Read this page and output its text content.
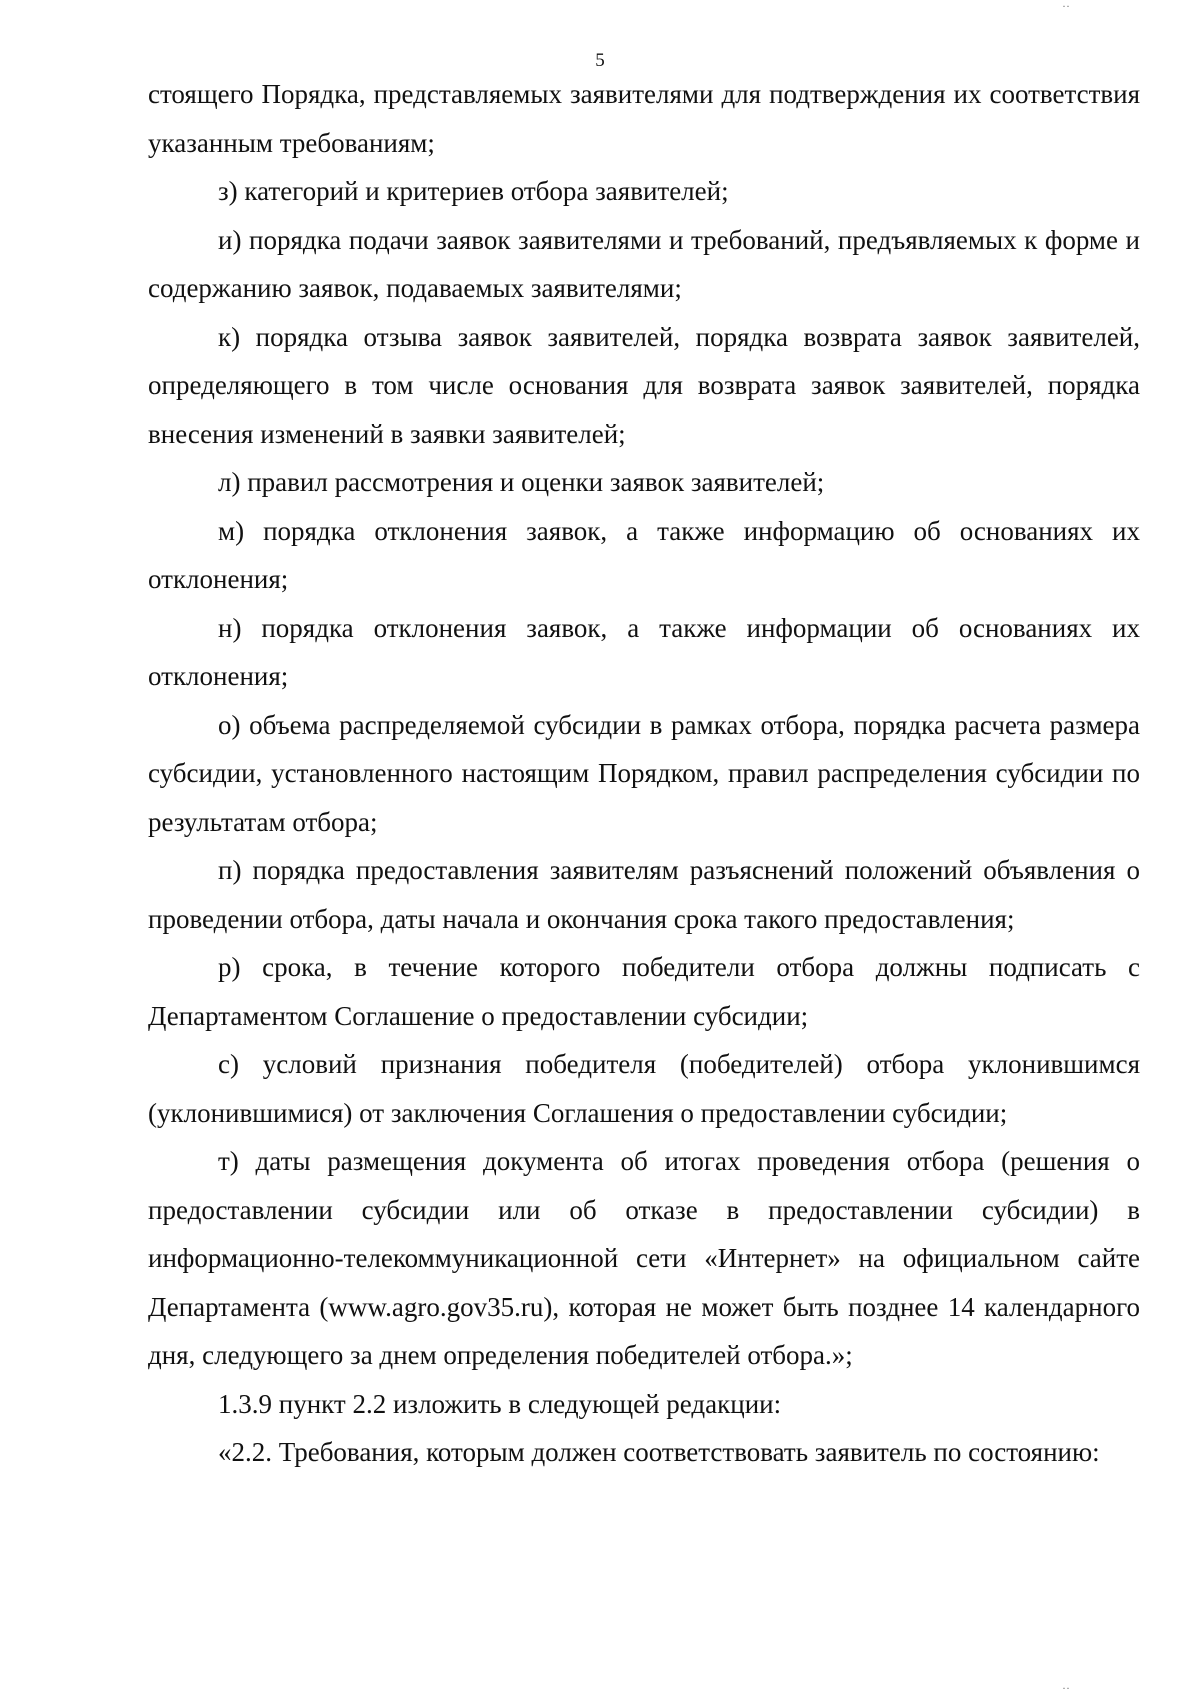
··
5

стоящего Порядка, представляемых заявителями для подтверждения их соответствия указанным требованиям;

з) категорий и критериев отбора заявителей;

и) порядка подачи заявок заявителями и требований, предъявляемых к форме и содержанию заявок, подаваемых заявителями;

к) порядка отзыва заявок заявителей, порядка возврата заявок заявителей, определяющего в том числе основания для возврата заявок заявителей, порядка внесения изменений в заявки заявителей;

л) правил рассмотрения и оценки заявок заявителей;

м) порядка отклонения заявок, а также информацию об основаниях их отклонения;

н) порядка отклонения заявок, а также информации об основаниях их отклонения;

о) объема распределяемой субсидии в рамках отбора, порядка расчета размера субсидии, установленного настоящим Порядком, правил распределения субсидии по результатам отбора;

п) порядка предоставления заявителям разъяснений положений объявления о проведении отбора, даты начала и окончания срока такого предоставления;

р) срока, в течение которого победители отбора должны подписать с Департаментом Соглашение о предоставлении субсидии;

с) условий признания победителя (победителей) отбора уклонившимся (уклонившимися) от заключения Соглашения о предоставлении субсидии;

т) даты размещения документа об итогах проведения отбора (решения о предоставлении субсидии или об отказе в предоставлении субсидии) в информационно-телекоммуникационной сети «Интернет» на официальном сайте Департамента (www.agro.gov35.ru), которая не может быть позднее 14 календарного дня, следующего за днем определения победителей отбора.»;

1.3.9 пункт 2.2 изложить в следующей редакции:

«2.2. Требования, которым должен соответствовать заявитель по состоянию:

··
